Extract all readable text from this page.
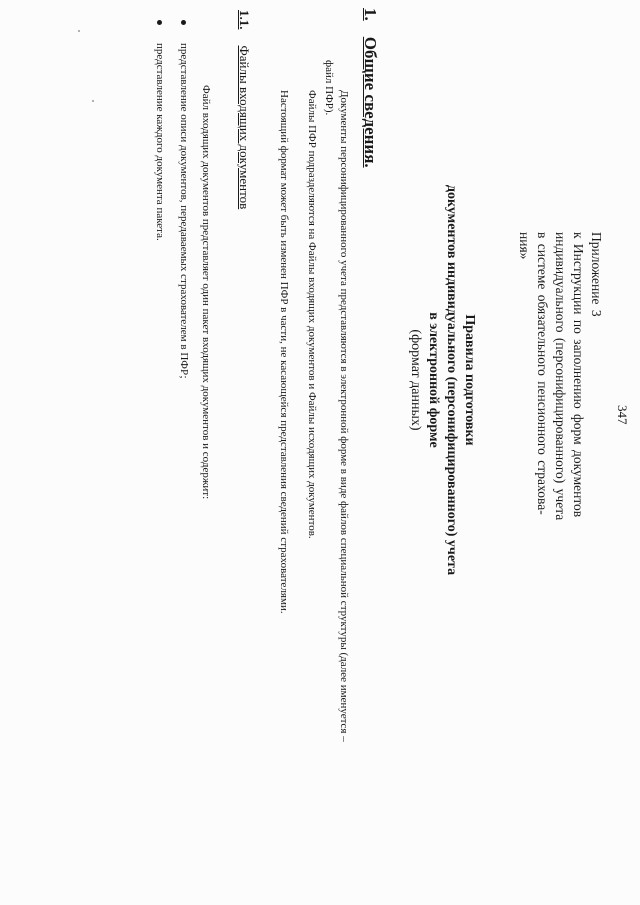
347
Приложение 3
к Инструкции по заполнению форм документов
индивидуального (персонифицированного) учета
в системе обязательного пенсионного страхова-
ния»
Правила подготовки
документов индивидуального (персонифицированного) учета
в электронной форме
(формат данных)
1.    Общие сведения.
Документы персонифицированного учета представляются в электронной форме в виде файлов специальной структуры (далее именуется –
файл ПФР).
Файлы ПФР подразделяются на Файлы входящих документов и Файлы исходящих документов.
Настоящий формат может быть изменен ПФР в части, не касающейся представления сведений страхователями.
1.1.    Файлы входящих документов
Файл входящих документов представляет один пакет входящих документов и содержит:
представление описи документов, передаваемых страхователем в ПФР;
представление каждого документа пакета.
